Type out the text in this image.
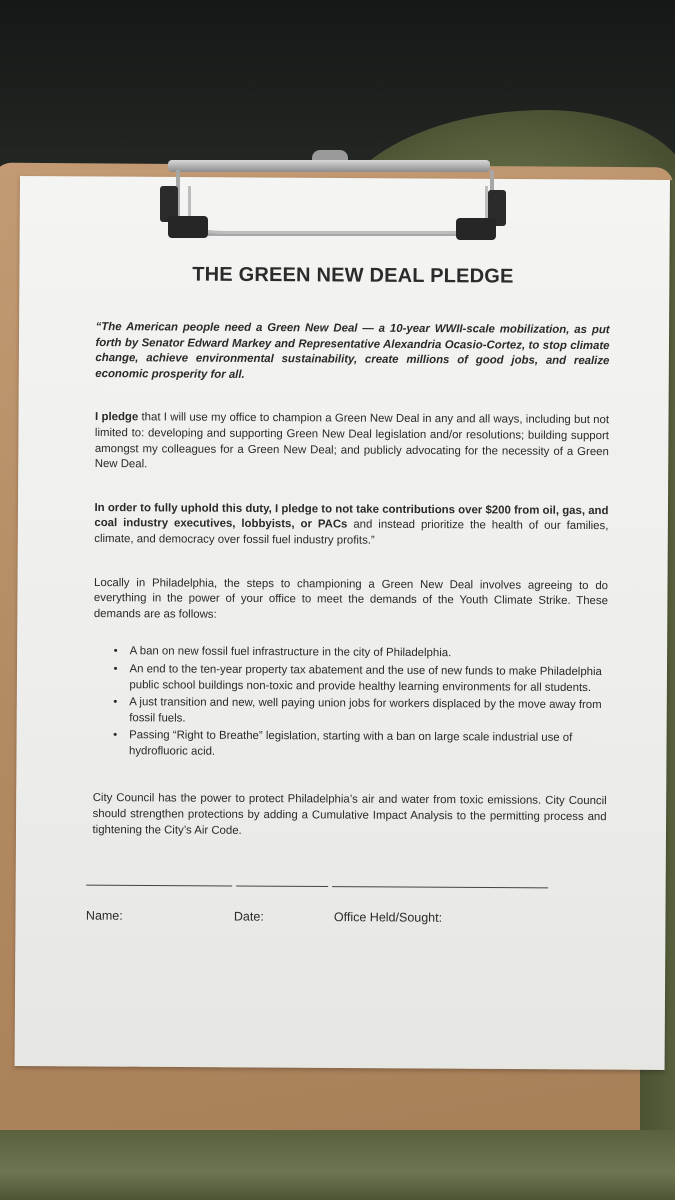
THE GREEN NEW DEAL PLEDGE

“The American people need a Green New Deal — a 10-year WWII-scale mobilization, as put forth by Senator Edward Markey and Representative Alexandria Ocasio-Cortez, to stop climate change, achieve environmental sustainability, create millions of good jobs, and realize economic prosperity for all.

I pledge that I will use my office to champion a Green New Deal in any and all ways, including but not limited to: developing and supporting Green New Deal legislation and/or resolutions; building support amongst my colleagues for a Green New Deal; and publicly advocating for the necessity of a Green New Deal.

In order to fully uphold this duty, I pledge to not take contributions over $200 from oil, gas, and coal industry executives, lobbyists, or PACs and instead prioritize the health of our families, climate, and democracy over fossil fuel industry profits.”

Locally in Philadelphia, the steps to championing a Green New Deal involves agreeing to do everything in the power of your office to meet the demands of the Youth Climate Strike. These demands are as follows:

• A ban on new fossil fuel infrastructure in the city of Philadelphia.
• An end to the ten-year property tax abatement and the use of new funds to make Philadelphia public school buildings non-toxic and provide healthy learning environments for all students.
• A just transition and new, well paying union jobs for workers displaced by the move away from fossil fuels.
• Passing “Right to Breathe” legislation, starting with a ban on large scale industrial use of hydrofluoric acid.

City Council has the power to protect Philadelphia’s air and water from toxic emissions. City Council should strengthen protections by adding a Cumulative Impact Analysis to the permitting process and tightening the City’s Air Code.

Name:	Date:	Office Held/Sought:
